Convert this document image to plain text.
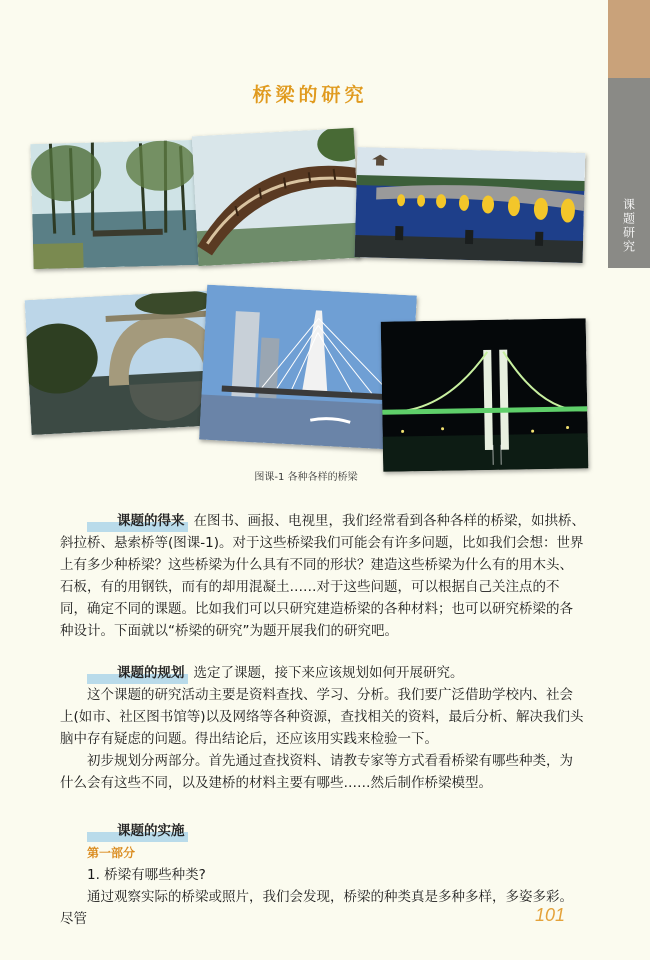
课题研究
桥梁的研究
图课-1 各种各样的桥梁

课题的得来 在图书、画报、电视里，我们经常看到各种各样的桥梁，如拱桥、斜拉桥、悬索桥等(图课-1)。对于这些桥梁我们可能会有许多问题，比如我们会想：世界上有多少种桥梁？这些桥梁为什么具有不同的形状？建造这些桥梁为什么有的用木头、石板，有的用钢铁，而有的却用混凝土……对于这些问题，可以根据自己关注点的不同，确定不同的课题。比如我们可以只研究建造桥梁的各种材料；也可以研究桥梁的各种设计。下面就以“桥梁的研究”为题开展我们的研究吧。

课题的规划 选定了课题，接下来应该规划如何开展研究。

这个课题的研究活动主要是资料查找、学习、分析。我们要广泛借助学校内、社会上(如市、社区图书馆等)以及网络等各种资源，查找相关的资料，最后分析、解决我们头脑中存有疑虑的问题。得出结论后，还应该用实践来检验一下。

初步规划分两部分。首先通过查找资料、请教专家等方式看看桥梁有哪些种类，为什么会有这些不同，以及建桥的材料主要有哪些……然后制作桥梁模型。

课题的实施

第一部分

1. 桥梁有哪些种类?

通过观察实际的桥梁或照片，我们会发现，桥梁的种类真是多种多样，多姿多彩。尽管	101
